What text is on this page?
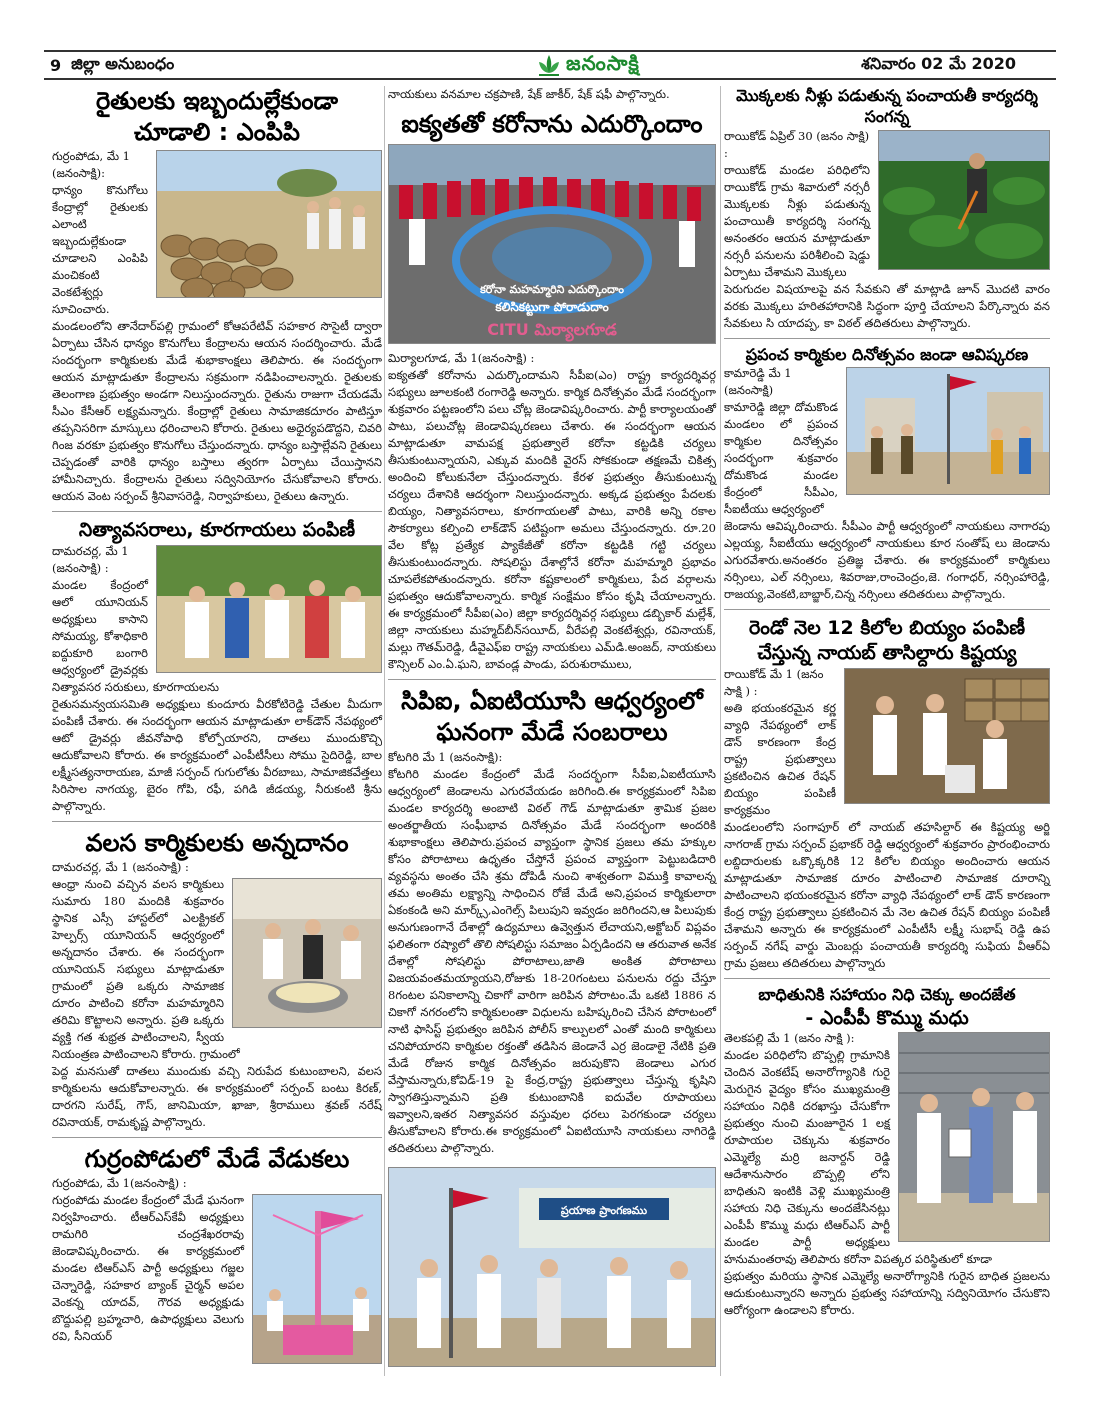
9 జిల్లా అనుబంధం	జనంసాక్షి	శనివారం 02 మే 2020
రైతులకు ఇబ్బందుల్లేకుండా
చూడాలి : ఎంపిపి

గుర్రంపోడు, మే 1 (జనంసాక్షి):

ధాన్యం కొనుగోలు కేంద్రాల్లో రైతులకు ఎలాంటి ఇబ్బందుల్లేకుండా చూడాలని ఎంపిపి మంచికంటి వెంకటేశ్వర్లు సూచించారు.

మండలంలోని తానేదార్‌పల్లి గ్రామంలో కోఆపరేటివ్ సహకార సొసైటీ ద్వారా ఏర్పాటు చేసిన ధాన్యం కొనుగోలు కేంద్రాలను ఆయన సందర్శించారు. మేడే సందర్భంగా కార్మికులకు మేడే శుభాకాంక్షలు తెలిపారు. ఈ సందర్భంగా ఆయన మాట్లాడుతూ కేంద్రాలను సక్రమంగా నడిపించాలన్నారు. రైతులకు తెలంగాణ ప్రభుత్వం అండగా నిలుస్తుందన్నారు. రైతును రాజుగా చేయడమే సీఎం కేసీఆర్ లక్ష్యమన్నారు. కేంద్రాల్లో రైతులు సామాజికదూరం పాటిస్తూ తప్పనిసరిగా మాస్కులు ధరించాలని కోరారు. రైతులు అధైర్యపడొద్దని, చివరి గింజ వరకూ ప్రభుత్వం కొనుగోలు చేస్తుందన్నారు. ధాన్యం బస్తాల్లేవని రైతులు చెప్పడంతో వారికి ధాన్యం బస్తాలు త్వరగా ఏర్పాటు చేయిస్తానని హామీనిచ్చారు. కేంద్రాలను రైతులు సద్వినియోగం చేసుకోవాలని కోరారు. ఆయన వెంట సర్పంచ్ శ్రీనివాసరెడ్డి, నిర్వాహకులు, రైతులు ఉన్నారు.

నిత్యావసరాలు, కూరగాయలు పంపిణీ

దామరచర్ల, మే 1 (జనంసాక్షి) :

మండల కేంద్రంలో ఆలో యూనియన్ అధ్యక్షులు కాసాని సోమయ్య, కోశాధికారి ఐద్దుకూరి బంగారి ఆధ్వర్యంలో డ్రైవర్లకు నిత్యావసర సరుకులు, కూరగాయలను

రైతుసమన్వయసమితి అధ్యక్షులు కుందూరు వీరకోటిరెడ్డి చేతుల మీదుగా పంపిణీ చేశారు. ఈ సందర్భంగా ఆయన మాట్లాడుతూ లాక్‌డౌన్ నేపథ్యంలో ఆటో డ్రైవర్లు జీవనోపాధి కోల్పోయారని, దాతలు ముందుకొచ్చి ఆదుకోవాలని కోరారు. ఈ కార్యక్రమంలో ఎంపీటీసీలు సోము సైదిరెడ్డి, బాల లక్ష్మీసత్యనారాయణ, మాజీ సర్పంచ్ గుగులోతు వీరబాబు, సామాజికవేత్తలు సిరిసాల నాగయ్య, బైరం గోపి, రఫీ, పగిడి జీడయ్య, నీరుకంటి శ్రీను పాల్గొన్నారు.

వలస కార్మికులకు అన్నదానం

దామరచర్ల, మే 1 (జనంసాక్షి) :

ఆంధ్రా నుంచి వచ్చిన వలస కార్మికులు సుమారు 180 మందికి శుక్రవారం స్థానిక ఎస్సీ హాస్టల్‌లో ఎలక్ట్రికల్ హెల్పర్స్ యూనియన్ ఆధ్వర్యంలో అన్నదానం చేశారు. ఈ సందర్భంగా యూనియన్ సభ్యులు మాట్లాడుతూ గ్రామంలో ప్రతి ఒక్కరు సామాజిక దూరం పాటించి కరోనా మహమ్మారిని తరిమి కొట్టాలని అన్నారు. ప్రతి ఒక్కరు వ్యక్తి గత శుభ్రత పాటించాలని, స్వీయ నియంత్రణ పాటించాలని కోరారు. గ్రామంలో

పెద్ద మనసుతో దాతలు ముందుకు వచ్చి నిరుపేద కుటుంబాలని, వలస కార్మికులను ఆదుకోవాలన్నారు. ఈ కార్యక్రమంలో సర్పంచ్ బంటు కిరణ్, దారగని సురేష్, గౌస్, జానిమియా, ఖాజా, శ్రీరాములు శ్రవణ్ నరేష్ రవినాయక్, రామకృష్ణ పాల్గొన్నారు.

గుర్రంపోడులో మేడే వేడుకలు

గుర్రంపోడు, మే 1(జనంసాక్షి) :

గుర్రంపోడు మండల కేంద్రంలో మేడే ఘనంగా నిర్వహించారు. టీఆర్ఎస్‌కేవీ అధ్యక్షులు రామగిరి చంద్రశేఖరరావు జెండావిష్కరించారు. ఈ కార్యక్రమంలో మండల టిఆర్ఎస్ పార్టీ అధ్యక్షులు గజ్జల చెన్నారెడ్డి, సహకార బ్యాంక్ చైర్మన్ అపల వెంకన్న యాదవ్, గౌరవ అధ్యక్షుడు బొద్దుపల్లి బ్రహ్మచారి, ఉపాధ్యక్షులు వెలుగు రవి, సీనియర్

నాయకులు వనమాల చక్రపాణి, షేక్ జాకీర్, షేక్ షఫీ పాల్గొన్నారు.

ఐక్యతతో కరోనాను ఎదుర్కొందాం
కరోనా మహమ్మారిని ఎదుర్కొందాం
కలిసికట్టుగా పోరాడుదాం
CITU మిర్యాలగూడ

మిర్యాలగూడ, మే 1(జనంసాక్షి) :

ఐక్యతతో కరోనాను ఎదుర్కొందామని సీపీఐ(ఎం) రాష్ట్ర కార్యదర్శివర్గ సభ్యులు జూలకంటి రంగారెడ్డి అన్నారు. కార్మిక దినోత్సవం మేడే సందర్భంగా శుక్రవారం పట్టణంలోని పలు చోట్ల జెండావిష్కరించారు. పార్టీ కార్యాలయంతో పాటు, పలుచోట్ల జెండావిష్కరణలు చేశారు. ఈ సందర్భంగా ఆయన మాట్లాడుతూ వామపక్ష ప్రభుత్వాలే కరోనా కట్టడికి చర్యలు తీసుకుంటున్నాయని, ఎక్కువ మందికి వైరస్ సోకకుండా తక్షణమే చికిత్స అందించి కోలుకునేలా చేస్తుందన్నారు. కేరళ ప్రభుత్వం తీసుకుంటున్న చర్యలు దేశానికి ఆదర్శంగా నిలుస్తుందన్నారు. అక్కడ ప్రభుత్వం పేదలకు బియ్యం, నిత్యావసరాలు, కూరగాయలతో పాటు, వారికి అన్ని రకాల సౌకర్యాలు కల్పించి లాక్‌డౌన్ పటిష్టంగా అమలు చేస్తుందన్నారు. రూ.20 వేల కోట్ల ప్రత్యేక ప్యాకేజీతో కరోనా కట్టడికి గట్టి చర్యలు తీసుకుంటుందన్నారు. సోషలిస్టు దేశాల్లోనే కరోనా మహమ్మారి ప్రభావం చూపలేకపోతుందన్నారు. కరోనా కష్టకాలంలో కార్మికులు, పేద వర్గాలను ప్రభుత్వం ఆదుకోవాలన్నారు. కార్మిక సంక్షేమం కోసం కృషి చేయాలన్నారు. ఈ కార్యక్రమంలో సీపీఐ(ఎం) జిల్లా కార్యదర్శివర్గ సభ్యులు డబ్బికార్ మల్లేశ్, జిల్లా నాయకులు మహ్మద్‌బీన్‌సయీద్, వీరేపల్లి వెంకటేశ్వర్లు, రవినాయక్, మల్లు గౌతమ్‌రెడ్డి, డీవైఎఫ్ఐ రాష్ట్ర నాయకులు ఎమ్‌డి.అంజద్, నాయకులు కౌన్సిలర్ ఎం.ఏ.ఘని, బావండ్ల పాండు, పరుశురాములు,

సిపిఐ, ఏఐటియూసి ఆధ్వర్యంలో
ఘనంగా మేడే సంబరాలు

కోటగిరి మే 1 (జనంసాక్షి):

కోటగిరి మండల కేంద్రంలో మేడే సందర్భంగా సీపీఐ,ఏఐటీయూసి ఆధ్వర్యంలో జెండాలను ఎగురవేయడం జరిగింది.ఈ కార్యక్రమంలో సిపిఐ మండల కార్యదర్శి అంబాటి విఠల్ గౌడ్ మాట్లాడుతూ శ్రామిక ప్రజల అంతర్జాతీయ సంఘీభావ దినోత్సవం మేడే సందర్భంగా అందరికి శుభాకాంక్షలు తెలిపారు.ప్రపంచ వ్యాప్తంగా స్థానిక ప్రజలు తమ హక్కుల కోసం పోరాటాలు ఉధృతం చేస్తోనే ప్రపంచ వ్యాప్తంగా పెట్టుబడిదారి వ్యవస్థను అంతం చేసి శ్రమ దోపిడీ నుంచి శాశ్వతంగా విముక్తి కావాలన్న తమ అంతిమ లక్ష్యాన్ని సాధించిన రోజే మేడే అని,ప్రపంచ కార్మికులారా ఏకంకండి అని మార్క్స్,ఎంగెల్స్ పిలుపుని ఇవ్వడం జరిగిందని,ఆ పిలుపుకు అనుగుణంగానే దేశాల్లో ఉద్యమాలు ఉవ్వెత్తున లేచాయని,అక్టోబర్ విప్లవం ఫలితంగా రష్యాలో తొలి సోషలిస్టు సమాజం ఏర్పడిందని ఆ తరువాత అనేక దేశాల్లో సోషలిస్టు పోరాటాలు,జాతి అంకిత పోరాటాలు విజయవంతమయ్యాయని,రోజుకు 18-20గంటలు పనులను రద్దు చేస్తూ 8గంటల పనికాలాన్ని చికాగో వారిగా జరిపిన పోరాటం.మే ఒకటి 1886 న చికాగో నగరంలోని కార్మికులంతా విధులను బహిష్కరించి చేసిన పోరాటంలో నాటి ఫాసిస్ట్ ప్రభుత్వం జరిపిన పోలీస్ కాల్పులలో ఎంతో మంది కార్మికులు చనిపోయారని కార్మికుల రక్తంతో తడిసిన జెండానే ఎర్ర జెండాలై నేటికి ప్రతి మేడే రోజున కార్మిక దినోత్సవం జరుపుకొని జెండాలు ఎగుర వేస్తామన్నారు,కోవిడ్-19 పై కేంద్ర,రాష్ట్ర ప్రభుత్వాలు చేస్తున్న కృషిని స్వాగతిస్తున్నామని ప్రతి కుటుంబానికి ఐదువేల రూపాయలు ఇవ్వాలని,ఇతర నిత్యావసర వస్తువుల ధరలు పెరగకుండా చర్యలు తీసుకోవాలని కోరారు.ఈ కార్యక్రమంలో ఏఐటియూసి నాయకులు నాగిరెడ్డి తదితరులు పాల్గొన్నారు.

ప్రయాణ ప్రాంగణము
మొక్కలకు నీళ్లు పడుతున్న పంచాయతీ కార్యదర్శి సంగన్న

రాయికోడ్ ఏప్రిల్ 30 (జనం సాక్షి) :

రాయికోడ్ మండల పరిధిలోని రాయికోడ్ గ్రామ శివారులో నర్సరీ మొక్కలకు నీళ్లు పడుతున్న పంచాయితీ కార్యదర్శి సంగన్న అనంతరం ఆయన మాట్లాడుతూ నర్సరీ పనులను పరిశీలించి షెడ్డు ఏర్పాటు చేశామని మొక్కలు

పెరుగుదల విషయాలపై వన సేవకుని తో మాట్లాడి జూన్ మొదటి వారం వరకు మొక్కలు హరితహారానికి సిద్ధంగా పూర్తి చేయాలని పేర్కొన్నారు వన సేవకులు సి యాదప్ప, కా విఠల్ తదితరులు పాల్గొన్నారు.

ప్రపంచ కార్మికుల దినోత్సవం జండా ఆవిష్కరణ

కామారెడ్డి మే 1 (జనంసాక్షి)

కామారెడ్డి జిల్లా దోమకొండ మండలం లో ప్రపంచ కార్మికుల దినోత్సవం సందర్భంగా శుక్రవారం దోమకొండ మండల కేంద్రంలో సీపీఎం, సీఐటీయు ఆధ్వర్యంలో

జెండాను ఆవిష్కరించారు. సీపీఎం పార్టీ ఆధ్వర్యంలో నాయకులు నాగారపు ఎల్లయ్య, సీఐటీయు ఆధ్వర్యంలో నాయకులు కూర సంతోష్ లు జెండాను ఎగురవేశారు.అనంతరం ప్రతిజ్ఞ చేశారు. ఈ కార్యక్రమంలో కార్మికులు నర్సింలు, ఎల్ నర్సింలు, శివరాజు,రాంచెంద్రం,జె. గంగాధర్, నర్సింహారెడ్డి, రాజయ్య,వెంకటి,బాబ్జార్,చిన్న నర్సింలు తదితరులు పాల్గొన్నారు.

రెండో నెల 12 కిలోల బియ్యం పంపిణీ
చేస్తున్న నాయబ్ తాసిల్దారు కిష్టయ్య

రాయికోడ్ మే 1 (జనం సాక్షి ) :

అతి భయంకరమైన కర్ణ వ్యాధి నేపథ్యంలో లాక్ డౌన్ కారణంగా కేంద్ర రాష్ట్ర ప్రభుత్వాలు ప్రకటించిన ఉచిత రేషన్ బియ్యం పంపిణీ కార్యక్రమం

మండలంలోని సంగాపూర్ లో నాయబ్ తహసిల్దార్ ఈ కిష్టయ్య అర్జి నాగరాజ్ గ్రామ సర్పంచ్ ప్రభాకర్ రెడ్డి ఆధ్వర్యంలో శుక్రవారం ప్రారంభించారు లబ్దిదారులకు ఒక్కొక్కరికి 12 కిలోల బియ్యం అందించారు ఆయన మాట్లాడుతూ సామాజిక దూరం పాటించాలి సామాజిక దూరాన్ని పాటించాలని భయంకరమైన కరోనా వ్యాధి నేపథ్యంలో లాక్ డౌన్ కారణంగా కేంద్ర రాష్ట్ర ప్రభుత్వాలు ప్రకటించిన మే నెల ఉచిత రేషన్ బియ్యం పంపిణీ చేశామని అన్నారు ఈ కార్యక్రమంలో ఎంపీటీసీ లక్ష్మీ సుభాష్ రెడ్డి ఉప సర్పంచ్ నగేష్ వార్డు మెంబర్లు పంచాయతీ కార్యదర్శి సుఫియ వీఆర్ఏ గ్రామ ప్రజలు తదితరులు పాల్గొన్నారు

బాధితునికి సహాయం నిధి చెక్కు అందజేత
- ఎంపీపీ కొమ్ము మధు

తెలకపల్లి మే 1 (జనం సాక్షి ):

మండల పరిధిలోని బొప్పల్లి గ్రామానికి చెందిన వెంకటేష్ అనారోగ్యానికి గురై మెరుగైన వైద్యం కోసం ముఖ్యమంత్రి సహాయం నిధికి దరఖాస్తు చేసుకోగా ప్రభుత్వం నుంచి మంజూరైన 1 లక్ష రూపాయల చెక్కును శుక్రవారం ఎమ్మెల్యే మర్రి జనార్దన్ రెడ్డి ఆదేశానుసారం బొప్పల్లి లోని బాధితుని ఇంటికి వెళ్లి ముఖ్యమంత్రి సహాయ నిధి చెక్కును అందజేసినట్లు ఎంపీపీ కొమ్ము మధు టిఆర్ఎస్ పార్టీ మండల పార్టీ అధ్యక్షులు హనుమంతరావు తెలిపారు కరోనా విపత్కర పరిస్థితులో కూడా

ప్రభుత్వం మరియు స్థానిక ఎమ్మెల్యే అనారోగ్యానికి గురైన బాధిత ప్రజలను ఆదుకుంటున్నారని అన్నారు ప్రభుత్వ సహాయాన్ని సద్వినియోగం చేసుకొని ఆరోగ్యంగా ఉండాలని కోరారు.
